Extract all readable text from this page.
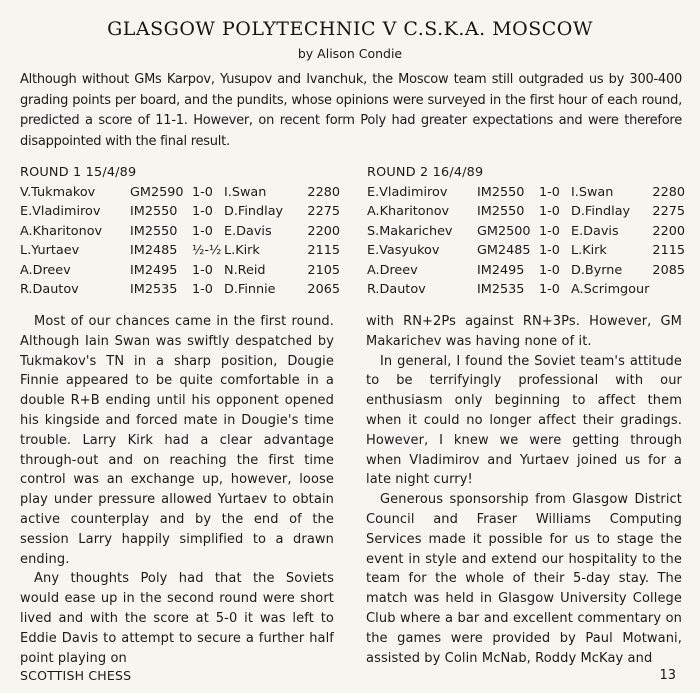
GLASGOW POLYTECHNIC V C.S.K.A. MOSCOW
by Alison Condie
Although without GMs Karpov, Yusupov and Ivanchuk, the Moscow team still outgraded us by 300-400 grading points per board, and the pundits, whose opinions were surveyed in the first hour of each round, predicted a score of 11-1. However, on recent form Poly had greater expectations and were therefore disappointed with the final result.
ROUND 1 15/4/89
V.Tukmakov	GM2590 1-0 I.Swan	2280
E.Vladimirov	IM2550	1-0 D.Findlay	2275
A.Kharitonov	IM2550	1-0 E.Davis	2200
L.Yurtaev	IM2485	½-½ L.Kirk	2115
A.Dreev	IM2495	1-0 N.Reid	2105
R.Dautov	IM2535	1-0 D.Finnie	2065
ROUND 2 16/4/89
E.Vladimirov	IM2550	1-0 I.Swan	2280
A.Kharitonov	IM2550	1-0 D.Findlay	2275
S.Makarichev	GM2500 1-0 E.Davis	2200
E.Vasyukov	GM2485 1-0 L.Kirk	2115
A.Dreev	IM2495	1-0 D.Byrne	2085
R.Dautov	IM2535	1-0 A.Scrimgour

Most of our chances came in the first round. Although Iain Swan was swiftly despatched by Tukmakov's TN in a sharp position, Dougie Finnie appeared to be quite comfortable in a double R+B ending until his opponent opened his kingside and forced mate in Dougie's time trouble. Larry Kirk had a clear advantage through-out and on reaching the first time control was an exchange up, however, loose play under pressure allowed Yurtaev to obtain active counterplay and by the end of the session Larry happily simplified to a drawn ending.

Any thoughts Poly had that the Soviets would ease up in the second round were short lived and with the score at 5-0 it was left to Eddie Davis to attempt to secure a further half point playing on

with RN+2Ps against RN+3Ps. However, GM Makarichev was having none of it.

In general, I found the Soviet team's attitude to be terrifyingly professional with our enthusiasm only beginning to affect them when it could no longer affect their gradings. However, I knew we were getting through when Vladimirov and Yurtaev joined us for a late night curry!

Generous sponsorship from Glasgow District Council and Fraser Williams Computing Services made it possible for us to stage the event in style and extend our hospitality to the team for the whole of their 5-day stay. The match was held in Glasgow University College Club where a bar and excellent commentary on the games were provided by Paul Motwani, assisted by Colin McNab, Roddy McKay and

SCOTTISH CHESS	13
